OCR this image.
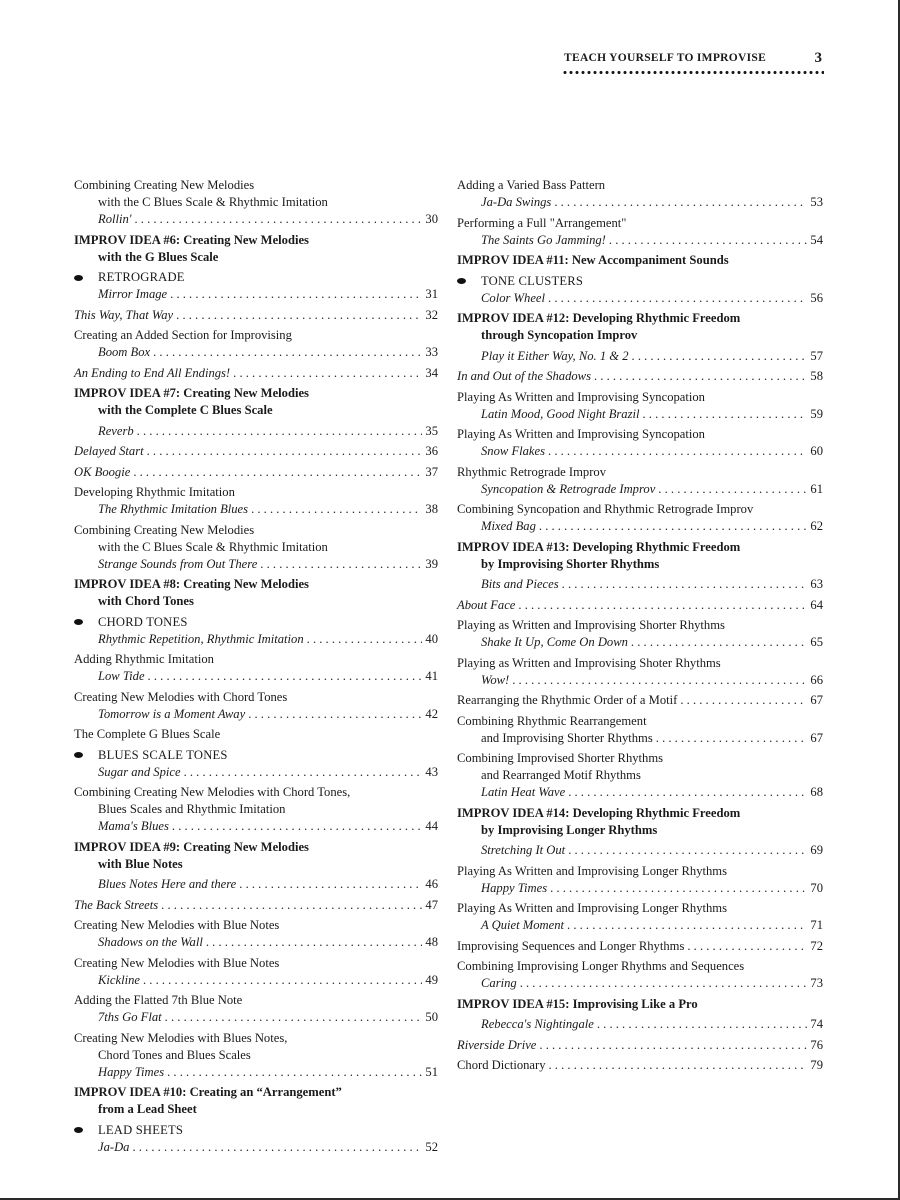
TEACH YOURSELF TO IMPROVISE	3
Combining Creating New Melodies
with the C Blues Scale & Rhythmic Imitation
Rollin' . . .	30
IMPROV IDEA #6: Creating New Melodies
with the G Blues Scale
RETROGRADE
Mirror Image . . .	31
This Way, That Way . . .	32
Creating an Added Section for Improvising
Boom Box . . .	33
An Ending to End All Endings! . . .	34
IMPROV IDEA #7: Creating New Melodies
with the Complete C Blues Scale
Reverb . . .	35
Delayed Start . . .	36
OK Boogie . . .	37
Developing Rhythmic Imitation
The Rhythmic Imitation Blues . . .	38
Combining Creating New Melodies
with the C Blues Scale & Rhythmic Imitation
Strange Sounds from Out There . . .	39
IMPROV IDEA #8: Creating New Melodies
with Chord Tones
CHORD TONES
Rhythmic Repetition, Rhythmic Imitation . . .	40
Adding Rhythmic Imitation
Low Tide . . .	41
Creating New Melodies with Chord Tones
Tomorrow is a Moment Away . . .	42
The Complete G Blues Scale
BLUES SCALE TONES
Sugar and Spice . . .	43
Combining Creating New Melodies with Chord Tones,
Blues Scales and Rhythmic Imitation
Mama's Blues . . .	44
IMPROV IDEA #9: Creating New Melodies
with Blue Notes
Blues Notes Here and there . . .	46
The Back Streets . . .	47
Creating New Melodies with Blue Notes
Shadows on the Wall . . .	48
Creating New Melodies with Blue Notes
Kickline . . .	49
Adding the Flatted 7th Blue Note
7ths Go Flat . . .	50
Creating New Melodies with Blues Notes,
Chord Tones and Blues Scales
Happy Times . . .	51
IMPROV IDEA #10: Creating an “Arrangement”
from a Lead Sheet
LEAD SHEETS
Ja-Da . . .	52
Adding a Varied Bass Pattern
Ja-Da Swings . . .	53
Performing a Full "Arrangement"
The Saints Go Jamming! . . .	54
IMPROV IDEA #11: New Accompaniment Sounds
TONE CLUSTERS
Color Wheel . . .	56
IMPROV IDEA #12: Developing Rhythmic Freedom
through Syncopation Improv
Play it Either Way, No. 1 & 2 . . .	57
In and Out of the Shadows . . .	58
Playing As Written and Improvising Syncopation
Latin Mood, Good Night Brazil . . .	59
Playing As Written and Improvising Syncopation
Snow Flakes . . .	60
Rhythmic Retrograde Improv
Syncopation & Retrograde Improv . . .	61
Combining Syncopation and Rhythmic Retrograde Improv
Mixed Bag . . .	62
IMPROV IDEA #13: Developing Rhythmic Freedom
by Improvising Shorter Rhythms
Bits and Pieces . . .	63
About Face . . .	64
Playing as Written and Improvising Shorter Rhythms
Shake It Up, Come On Down . . .	65
Playing as Written and Improvising Shoter Rhythms
Wow! . . .	66
Rearranging the Rhythmic Order of a Motif . . .	67
Combining Rhythmic Rearrangement
and Improvising Shorter Rhythms . . .	67
Combining Improvised Shorter Rhythms
and Rearranged Motif Rhythms
Latin Heat Wave . . .	68
IMPROV IDEA #14: Developing Rhythmic Freedom
by Improvising Longer Rhythms
Stretching It Out . . .	69
Playing As Written and Improvising Longer Rhythms
Happy Times . . .	70
Playing As Written and Improvising Longer Rhythms
A Quiet Moment . . .	71
Improvising Sequences and Longer Rhythms . . .	72
Combining Improvising Longer Rhythms and Sequences
Caring . . .	73
IMPROV IDEA #15: Improvising Like a Pro
Rebecca's Nightingale . . .	74
Riverside Drive . . .	76
Chord Dictionary . . .	79
